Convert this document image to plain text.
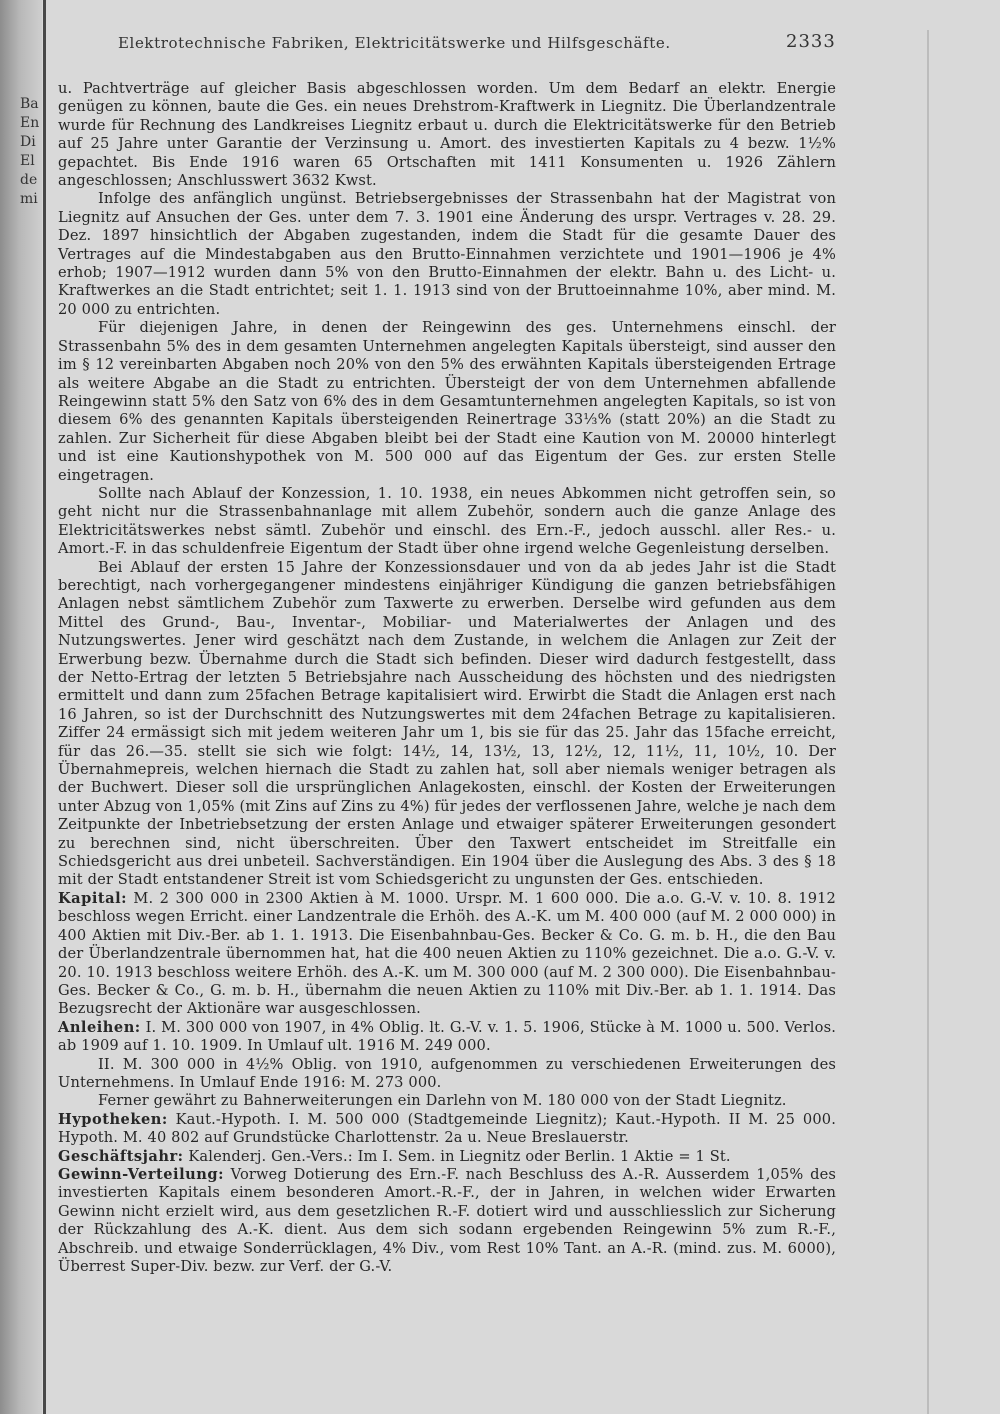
Ba
En
Di
El
de
mi
Elektrotechnische Fabriken, Elektricitätswerke und Hilfsgeschäfte.	2333

u. Pachtverträge auf gleicher Basis abgeschlossen worden. Um dem Bedarf an elektr. Energie genügen zu können, baute die Ges. ein neues Drehstrom-Kraftwerk in Liegnitz. Die Überlandzentrale wurde für Rechnung des Landkreises Liegnitz erbaut u. durch die Elektricitätswerke für den Betrieb auf 25 Jahre unter Garantie der Verzinsung u. Amort. des investierten Kapitals zu 4 bezw. 1½% gepachtet. Bis Ende 1916 waren 65 Ortschaften mit 1411 Konsumenten u. 1926 Zählern angeschlossen; Anschlusswert 3632 Kwst.

Infolge des anfänglich ungünst. Betriebsergebnisses der Strassenbahn hat der Magistrat von Liegnitz auf Ansuchen der Ges. unter dem 7. 3. 1901 eine Änderung des urspr. Vertrages v. 28. 29. Dez. 1897 hinsichtlich der Abgaben zugestanden, indem die Stadt für die gesamte Dauer des Vertrages auf die Mindestabgaben aus den Brutto-Einnahmen verzichtete und 1901—1906 je 4% erhob; 1907—1912 wurden dann 5% von den Brutto-Einnahmen der elektr. Bahn u. des Licht- u. Kraftwerkes an die Stadt entrichtet; seit 1. 1. 1913 sind von der Bruttoeinnahme 10%, aber mind. M. 20 000 zu entrichten.

Für diejenigen Jahre, in denen der Reingewinn des ges. Unternehmens einschl. der Strassenbahn 5% des in dem gesamten Unternehmen angelegten Kapitals übersteigt, sind ausser den im § 12 vereinbarten Abgaben noch 20% von den 5% des erwähnten Kapitals übersteigenden Ertrage als weitere Abgabe an die Stadt zu entrichten. Übersteigt der von dem Unternehmen abfallende Reingewinn statt 5% den Satz von 6% des in dem Gesamtunternehmen angelegten Kapitals, so ist von diesem 6% des genannten Kapitals übersteigenden Reinertrage 33⅓% (statt 20%) an die Stadt zu zahlen. Zur Sicherheit für diese Abgaben bleibt bei der Stadt eine Kaution von M. 20000 hinterlegt und ist eine Kautionshypothek von M. 500 000 auf das Eigentum der Ges. zur ersten Stelle eingetragen.

Sollte nach Ablauf der Konzession, 1. 10. 1938, ein neues Abkommen nicht getroffen sein, so geht nicht nur die Strassenbahnanlage mit allem Zubehör, sondern auch die ganze Anlage des Elektricitätswerkes nebst sämtl. Zubehör und einschl. des Ern.-F., jedoch ausschl. aller Res.- u. Amort.-F. in das schuldenfreie Eigentum der Stadt über ohne irgend welche Gegenleistung derselben.

Bei Ablauf der ersten 15 Jahre der Konzessionsdauer und von da ab jedes Jahr ist die Stadt berechtigt, nach vorhergegangener mindestens einjähriger Kündigung die ganzen betriebsfähigen Anlagen nebst sämtlichem Zubehör zum Taxwerte zu erwerben. Derselbe wird gefunden aus dem Mittel des Grund-, Bau-, Inventar-, Mobiliar- und Materialwertes der Anlagen und des Nutzungswertes. Jener wird geschätzt nach dem Zustande, in welchem die Anlagen zur Zeit der Erwerbung bezw. Übernahme durch die Stadt sich befinden. Dieser wird dadurch festgestellt, dass der Netto-Ertrag der letzten 5 Betriebsjahre nach Ausscheidung des höchsten und des niedrigsten ermittelt und dann zum 25fachen Betrage kapitalisiert wird. Erwirbt die Stadt die Anlagen erst nach 16 Jahren, so ist der Durchschnitt des Nutzungswertes mit dem 24fachen Betrage zu kapitalisieren. Ziffer 24 ermässigt sich mit jedem weiteren Jahr um 1, bis sie für das 25. Jahr das 15fache erreicht, für das 26.—35. stellt sie sich wie folgt: 14½, 14, 13½, 13, 12½, 12, 11½, 11, 10½, 10. Der Übernahmepreis, welchen hiernach die Stadt zu zahlen hat, soll aber niemals weniger betragen als der Buchwert. Dieser soll die ursprünglichen Anlagekosten, einschl. der Kosten der Erweiterungen unter Abzug von 1,05% (mit Zins auf Zins zu 4%) für jedes der verflossenen Jahre, welche je nach dem Zeitpunkte der Inbetriebsetzung der ersten Anlage und etwaiger späterer Erweiterungen gesondert zu berechnen sind, nicht überschreiten. Über den Taxwert entscheidet im Streitfalle ein Schiedsgericht aus drei unbeteil. Sachverständigen. Ein 1904 über die Auslegung des Abs. 3 des § 18 mit der Stadt entstandener Streit ist vom Schiedsgericht zu ungunsten der Ges. entschieden.

Kapital: M. 2 300 000 in 2300 Aktien à M. 1000. Urspr. M. 1 600 000. Die a.o. G.-V. v. 10. 8. 1912 beschloss wegen Erricht. einer Landzentrale die Erhöh. des A.-K. um M. 400 000 (auf M. 2 000 000) in 400 Aktien mit Div.-Ber. ab 1. 1. 1913. Die Eisenbahnbau-Ges. Becker & Co. G. m. b. H., die den Bau der Überlandzentrale übernommen hat, hat die 400 neuen Aktien zu 110% gezeichnet. Die a.o. G.-V. v. 20. 10. 1913 beschloss weitere Erhöh. des A.-K. um M. 300 000 (auf M. 2 300 000). Die Eisenbahnbau-Ges. Becker & Co., G. m. b. H., übernahm die neuen Aktien zu 110% mit Div.-Ber. ab 1. 1. 1914. Das Bezugsrecht der Aktionäre war ausgeschlossen.

Anleihen: I. M. 300 000 von 1907, in 4% Oblig. lt. G.-V. v. 1. 5. 1906, Stücke à M. 1000 u. 500. Verlos. ab 1909 auf 1. 10. 1909. In Umlauf ult. 1916 M. 249 000.

II. M. 300 000 in 4½% Oblig. von 1910, aufgenommen zu verschiedenen Erweiterungen des Unternehmens. In Umlauf Ende 1916: M. 273 000.

Ferner gewährt zu Bahnerweiterungen ein Darlehn von M. 180 000 von der Stadt Liegnitz.

Hypotheken: Kaut.-Hypoth. I. M. 500 000 (Stadtgemeinde Liegnitz); Kaut.-Hypoth. II M. 25 000. Hypoth. M. 40 802 auf Grundstücke Charlottenstr. 2a u. Neue Breslauerstr.

Geschäftsjahr: Kalenderj. Gen.-Vers.: Im I. Sem. in Liegnitz oder Berlin. 1 Aktie = 1 St.

Gewinn-Verteilung: Vorweg Dotierung des Ern.-F. nach Beschluss des A.-R. Ausserdem 1,05% des investierten Kapitals einem besonderen Amort.-R.-F., der in Jahren, in welchen wider Erwarten Gewinn nicht erzielt wird, aus dem gesetzlichen R.-F. dotiert wird und ausschliesslich zur Sicherung der Rückzahlung des A.-K. dient. Aus dem sich sodann ergebenden Reingewinn 5% zum R.-F., Abschreib. und etwaige Sonderrücklagen, 4% Div., vom Rest 10% Tant. an A.-R. (mind. zus. M. 6000), Überrest Super-Div. bezw. zur Verf. der G.-V.
